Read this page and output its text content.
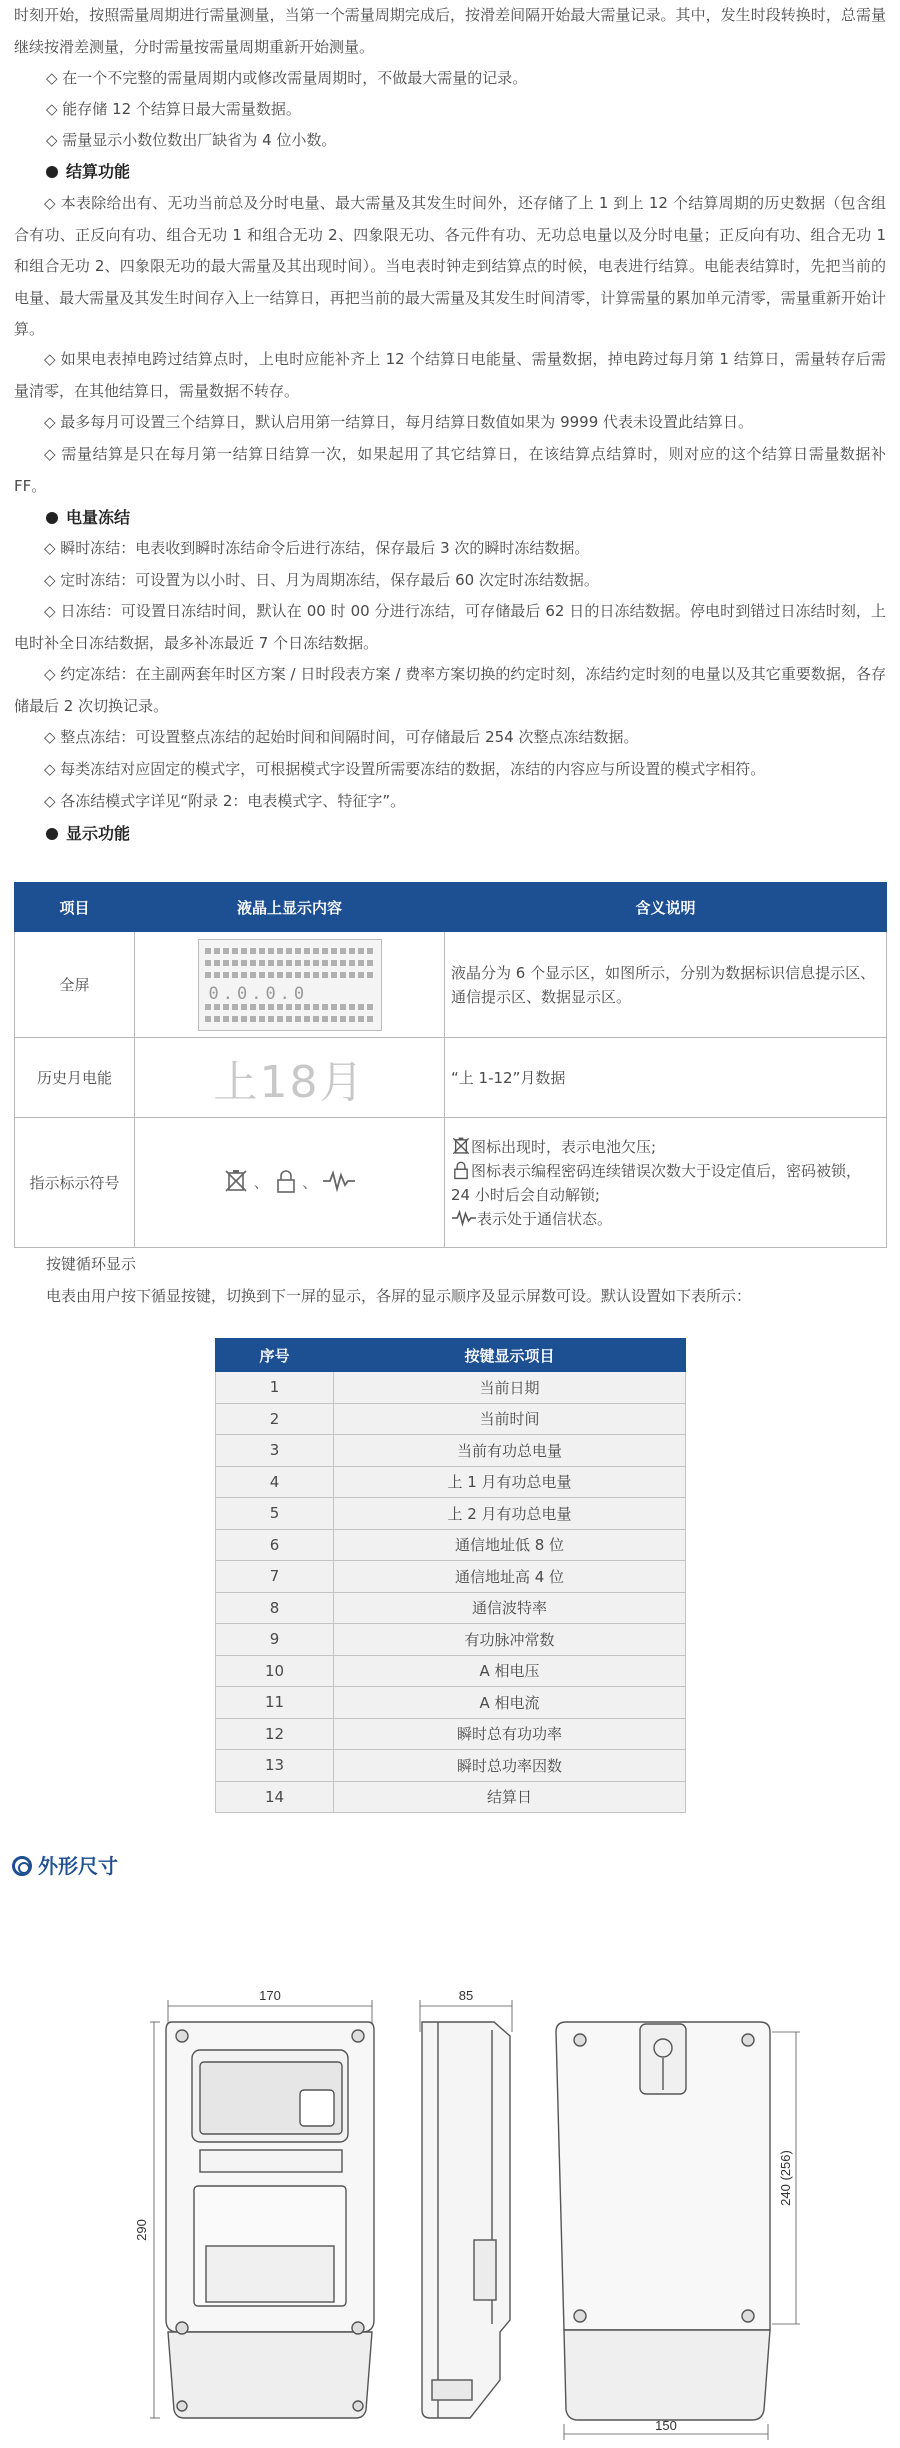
时刻开始，按照需量周期进行需量测量，当第一个需量周期完成后，按滑差间隔开始最大需量记录。其中，发生时段转换时，总需量继续按滑差测量，分时需量按需量周期重新开始测量。

◇ 在一个不完整的需量周期内或修改需量周期时，不做最大需量的记录。

◇ 能存储 12 个结算日最大需量数据。

◇ 需量显示小数位数出厂缺省为 4 位小数。

结算功能

◇ 本表除给出有、无功当前总及分时电量、最大需量及其发生时间外，还存储了上 1 到上 12 个结算周期的历史数据（包含组合有功、正反向有功、组合无功 1 和组合无功 2、四象限无功、各元件有功、无功总电量以及分时电量；正反向有功、组合无功 1 和组合无功 2、四象限无功的最大需量及其出现时间）。当电表时钟走到结算点的时候，电表进行结算。电能表结算时，先把当前的电量、最大需量及其发生时间存入上一结算日，再把当前的最大需量及其发生时间清零，计算需量的累加单元清零，需量重新开始计算。

◇ 如果电表掉电跨过结算点时，上电时应能补齐上 12 个结算日电能量、需量数据，掉电跨过每月第 1 结算日，需量转存后需量清零，在其他结算日，需量数据不转存。

◇ 最多每月可设置三个结算日，默认启用第一结算日，每月结算日数值如果为 9999 代表未设置此结算日。

◇ 需量结算是只在每月第一结算日结算一次，如果起用了其它结算日，在该结算点结算时，则对应的这个结算日需量数据补 FF。

电量冻结

◇ 瞬时冻结：电表收到瞬时冻结命令后进行冻结，保存最后 3 次的瞬时冻结数据。

◇ 定时冻结：可设置为以小时、日、月为周期冻结，保存最后 60 次定时冻结数据。

◇ 日冻结：可设置日冻结时间，默认在 00 时 00 分进行冻结，可存储最后 62 日的日冻结数据。停电时到错过日冻结时刻，上电时补全日冻结数据，最多补冻最近 7 个日冻结数据。

◇ 约定冻结：在主副两套年时区方案 / 日时段表方案 / 费率方案切换的约定时刻，冻结约定时刻的电量以及其它重要数据，各存储最后 2 次切换记录。

◇ 整点冻结：可设置整点冻结的起始时间和间隔时间，可存储最后 254 次整点冻结数据。

◇ 每类冻结对应固定的模式字，可根据模式字设置所需要冻结的数据，冻结的内容应与所设置的模式字相符。

◇ 各冻结模式字详见“附录 2：电表模式字、特征字”。

显示功能
项目	液晶上显示内容	含义说明
全屏	0.0.0.0	液晶分为 6 个显示区，如图所示，分别为数据标识信息提示区、通信提示区、数据显示区。
历史月电能	上18月	“上 1-12”月数据
指示标示符号	、  、	图标出现时，表示电池欠压;
图标表示编程密码连续错误次数大于设定值后，密码被锁，24 小时后会自动解锁;
表示处于通信状态。

按键循环显示

电表由用户按下循显按键，切换到下一屏的显示，各屏的显示顺序及显示屏数可设。默认设置如下表所示：

序号	按键显示项目
1	当前日期
2	当前时间
3	当前有功总电量
4	上 1 月有功总电量
5	上 2 月有功总电量
6	通信地址低 8 位
7	通信地址高 4 位
8	通信波特率
9	有功脉冲常数
10	A 相电压
11	A 相电流
12	瞬时总有功功率
13	瞬时总功率因数
14	结算日
外形尺寸
170
290
85
150
240 (256)
